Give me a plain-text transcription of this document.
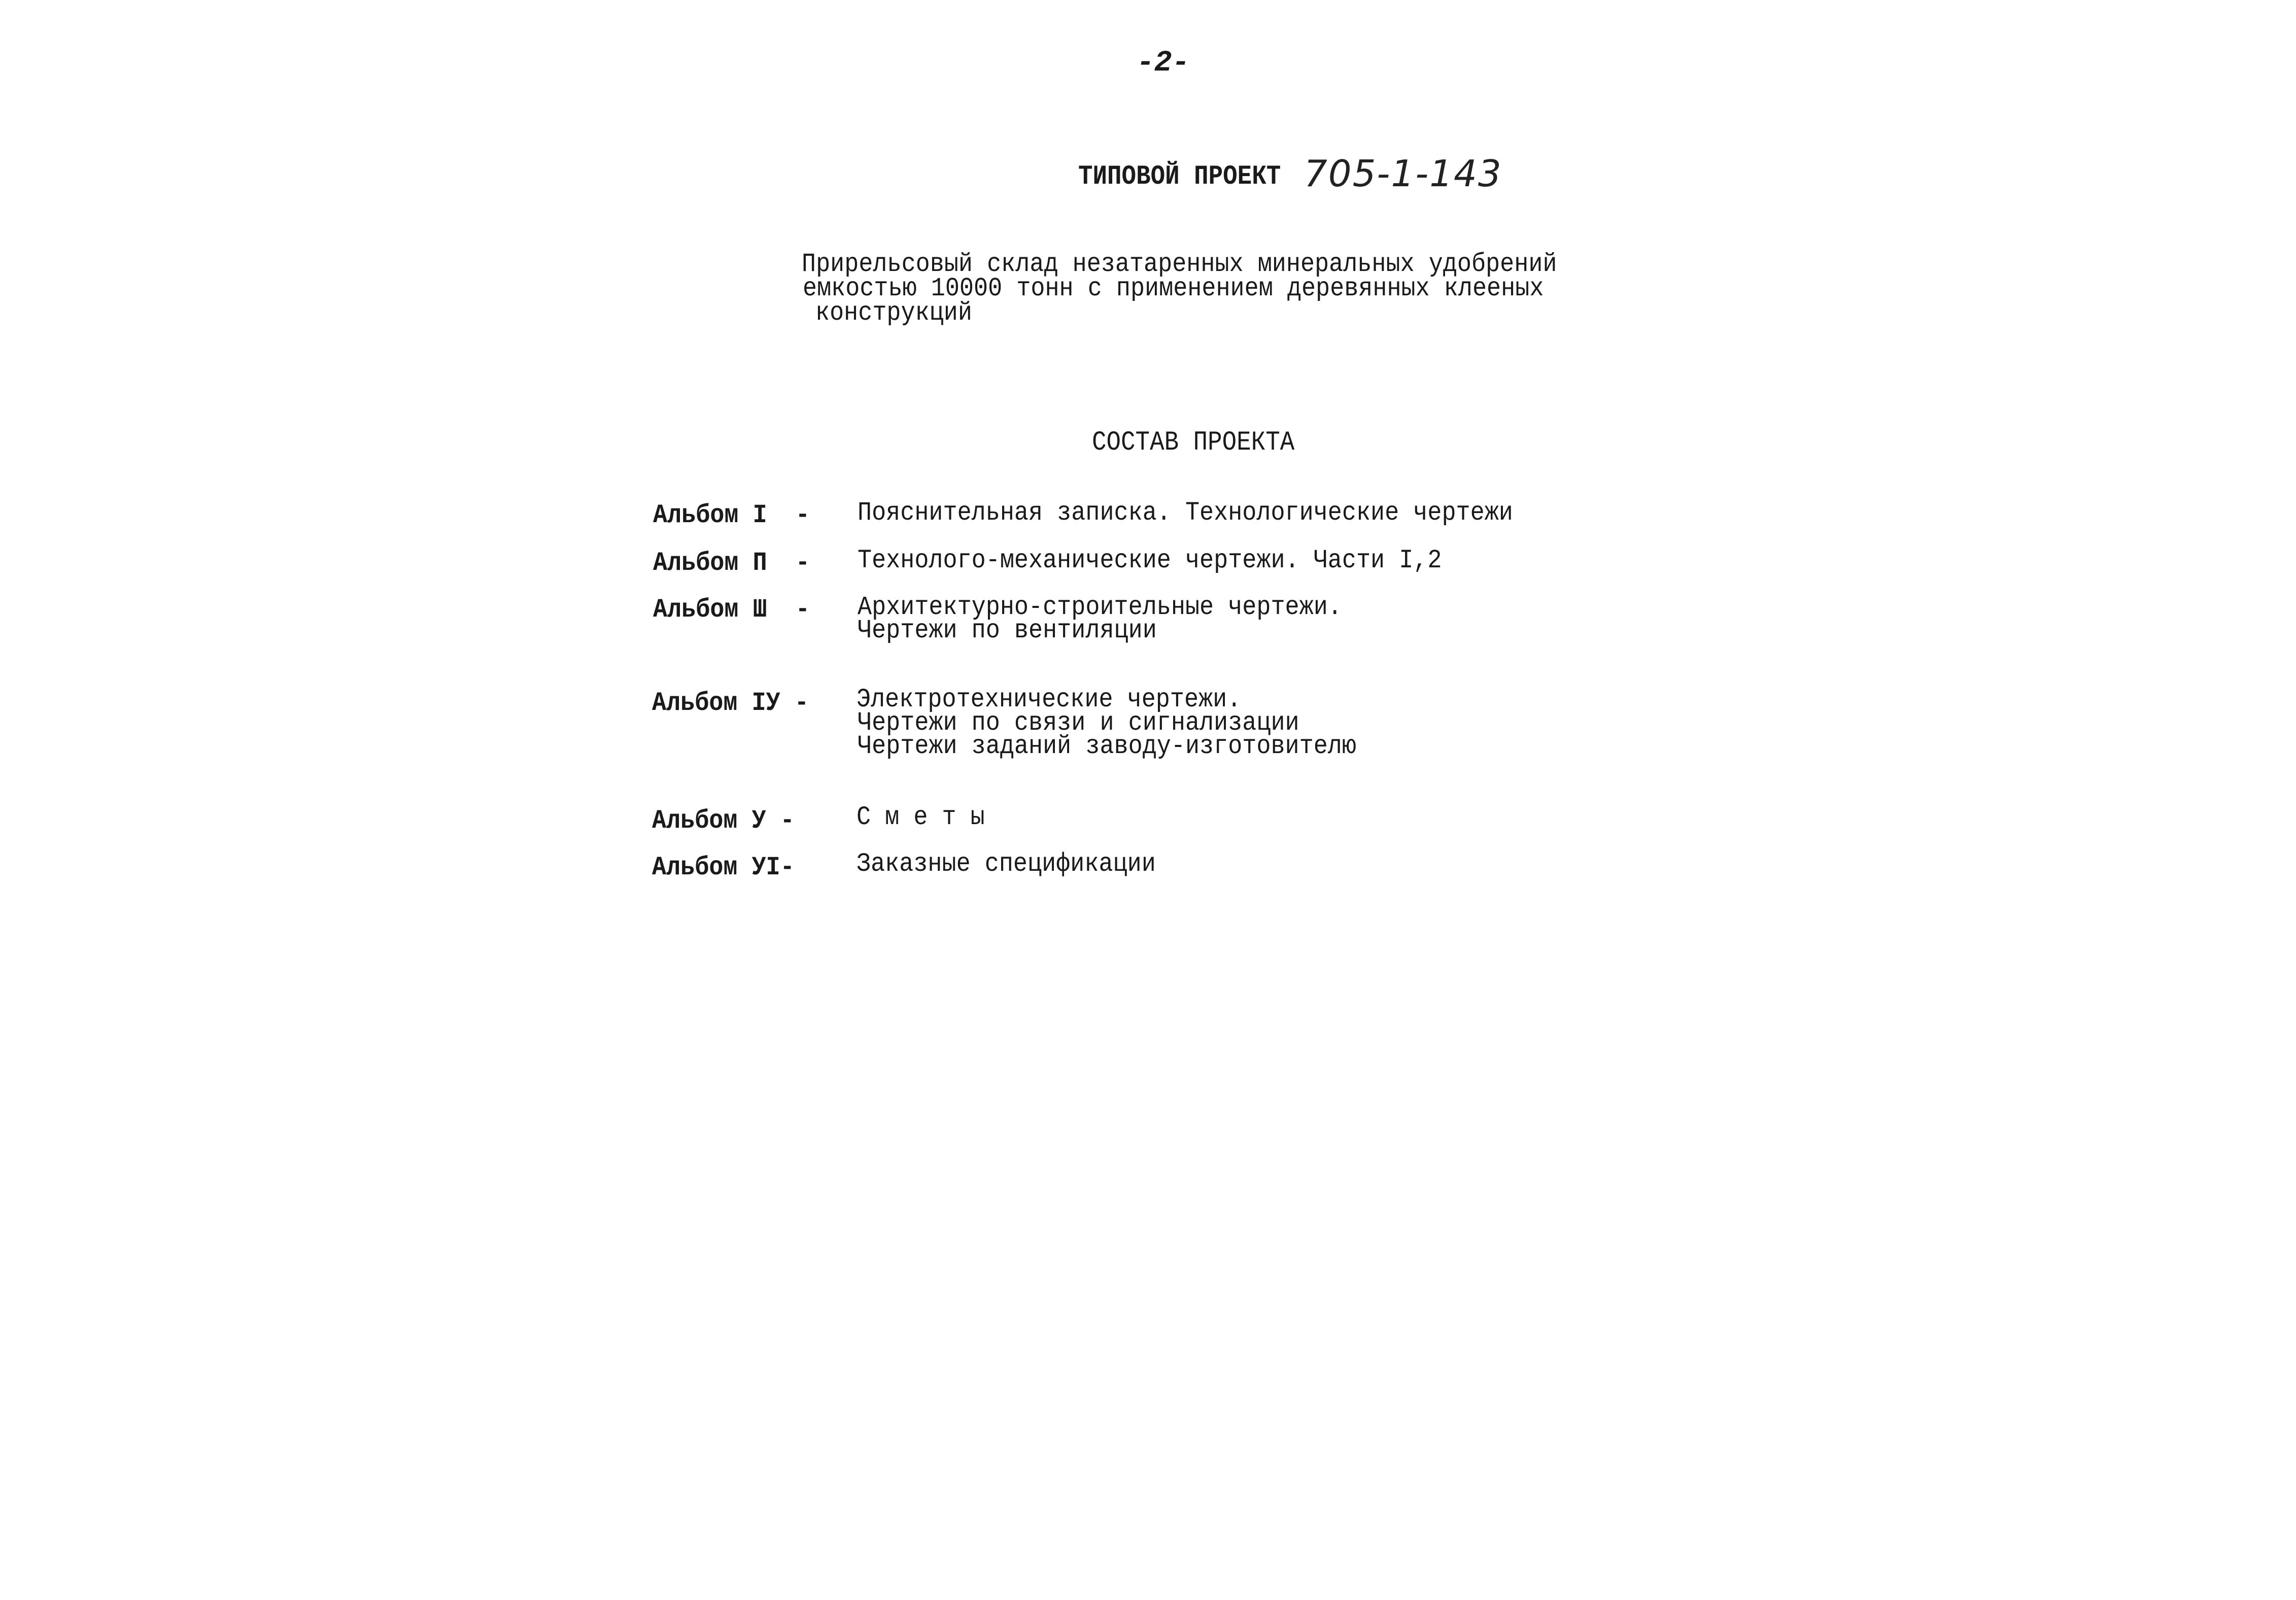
-2-
ТИПОВОЙ ПРОЕКТ 705-1-143
Прирельсовый склад незатаренных минеральных удобрений
емкостью 10000 тонн с применением деревянных клееных
конструкций
СОСТАВ ПРОЕКТА
Альбом I  - Пояснительная записка. Технологические чертежи
Альбом П  - Технолого-механические чертежи. Части I,2
Альбом Ш  - Архитектурно-строительные чертежи.
Чертежи по вентиляции
Альбом IУ - Электротехнические чертежи.
Чертежи по связи и сигнализации
Чертежи заданий заводу-изготовителю
Альбом У - С м е т ы
Альбом УI- Заказные спецификации
